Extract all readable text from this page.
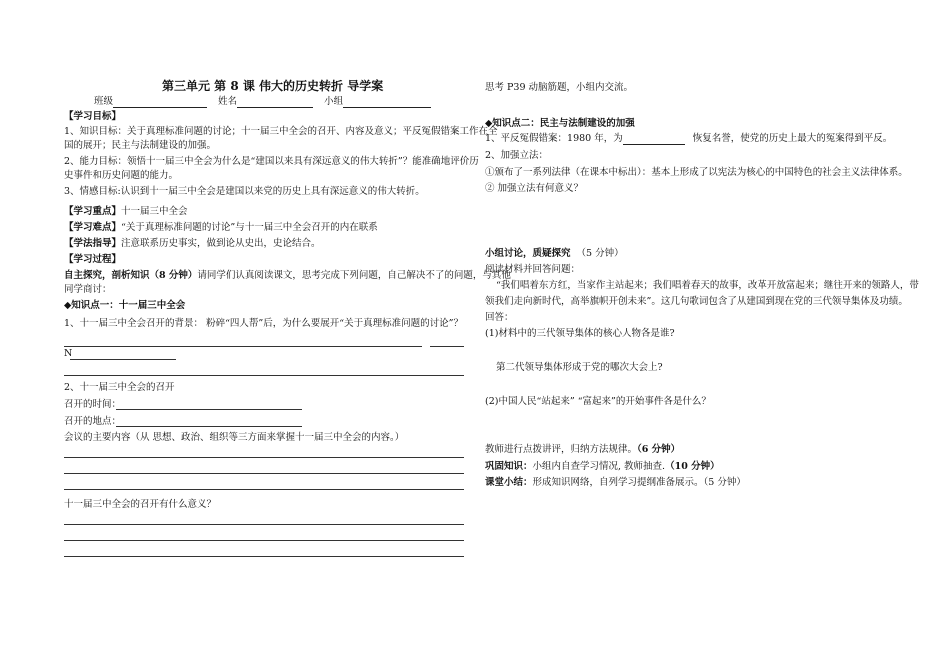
第三单元 第 8 课 伟大的历史转折 导学案
班级	姓名	小组
【学习目标】
1、知识目标：关于真理标准问题的讨论；十一届三中全会的召开、内容及意义；平反冤假错案工作在全
国的展开；民主与法制建设的加强。
2、能力目标：领悟十一届三中全会为什么是“建国以来具有深远意义的伟大转折”？能准确地评价历
史事件和历史问题的能力。
3、情感目标:认识到十一届三中全会是建国以来党的历史上具有深远意义的伟大转折。
【学习重点】十一届三中全会
【学习难点】“关于真理标准问题的讨论”与十一届三中全会召开的内在联系
【学法指导】注意联系历史事实，做到论从史出，史论结合。
【学习过程】
自主探究，剖析知识（8 分钟）请同学们认真阅读课文，思考完成下列问题，自己解决不了的问题，与其他
同学商讨：
◆知识点一：十一届三中全会
1、十一届三中全会召开的背景： 粉碎“四人帮”后，为什么要展开“关于真理标准问题的讨论”？
N
2、十一届三中全会的召开
召开的时间：
召开的地点：
会议的主要内容（从 思想、政治、组织等三方面来掌握十一届三中全会的内容。）
十一届三中全会的召开有什么意义？
思考 P39 动脑筋题，小组内交流。
◆知识点二：民主与法制建设的加强
1、平反冤假错案：1980 年，为	恢复名誉，使党的历史上最大的冤案得到平反。
2、加强立法：
①颁布了一系列法律（在课本中标出）：基本上形成了以宪法为核心的中国特色的社会主义法律体系。
② 加强立法有何意义？
小组讨论，质疑探究 （5 分钟）
阅读材料并回答问题：
“我们唱着东方红，当家作主站起来；我们唱着春天的故事，改革开放富起来；继往开来的领路人，带
领我们走向新时代，高举旗帜开创未来”。这几句歌词包含了从建国到现在党的三代领导集体及功绩。
回答：
(1)材料中的三代领导集体的核心人物各是谁?
第二代领导集体形成于党的哪次大会上?
(2)中国人民“站起来” “富起来”的开始事件各是什么？
教师进行点拨讲评，归纳方法规律。（6 分钟）
巩固知识：小组内自查学习情况, 教师抽查.（10 分钟）
课堂小结：形成知识网络，自列学习提纲准备展示。（5 分钟）
